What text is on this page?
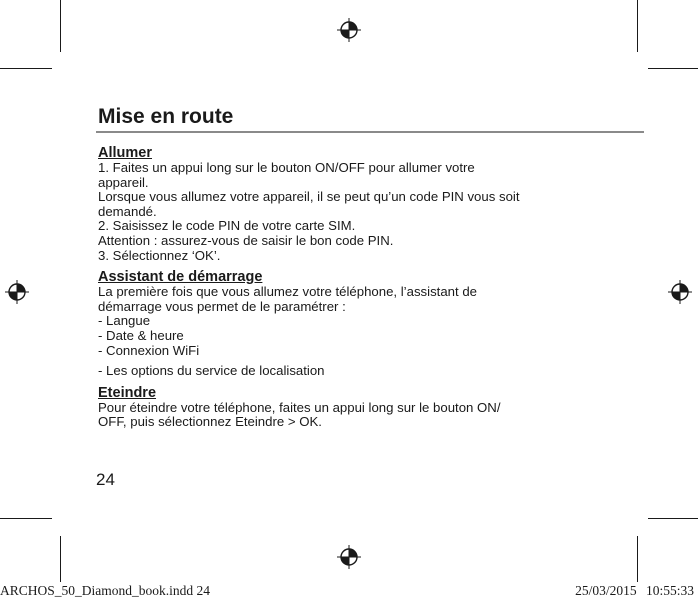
Mise en route
Allumer

1. Faites un appui long sur le bouton ON/OFF pour allumer votre

appareil.

Lorsque vous allumez votre appareil, il se peut qu’un code PIN vous soit

demandé.

2. Saisissez le code PIN de votre carte SIM.

Attention : assurez-vous de saisir le bon code PIN.

3. Sélectionnez ‘OK’.

Assistant de démarrage

La première fois que vous allumez votre téléphone, l’assistant de

démarrage vous permet de le paramétrer :

- Langue
- Date & heure
- Connexion WiFi

- Les options du service de localisation

Eteindre

Pour éteindre votre téléphone, faites un appui long sur le bouton ON/

OFF, puis sélectionnez Eteindre > OK.

24
ARCHOS_50_Diamond_book.indd 24	25/03/2015 10:55:33
